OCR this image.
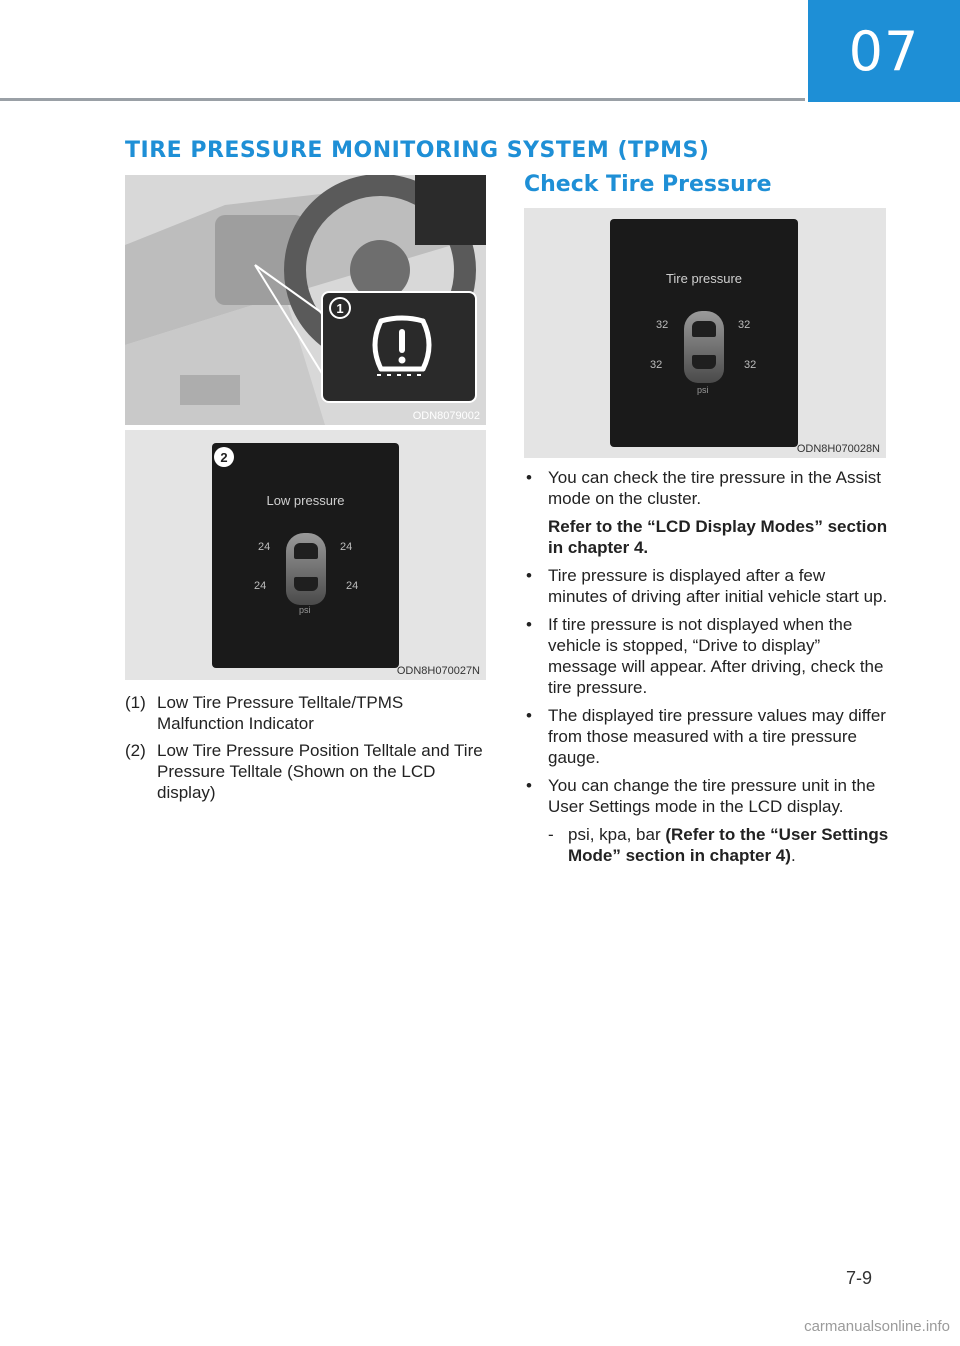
07
TIRE PRESSURE MONITORING SYSTEM (TPMS)
1
ODN8079002
2
Low pressure
24	24
24	24
psi
ODN8H070027N
(1) Low Tire Pressure Telltale/TPMS Malfunction Indicator
(2) Low Tire Pressure Position Telltale and Tire Pressure Telltale (Shown on the LCD display)
Check Tire Pressure
Tire pressure
32	32
32	32
psi
ODN8H070028N
• You can check the tire pressure in the Assist mode on the cluster.
Refer to the “LCD Display Modes” section in chapter 4.
• Tire pressure is displayed after a few minutes of driving after initial vehicle start up.
• If tire pressure is not displayed when the vehicle is stopped, “Drive to display” message will appear. After driving, check the tire pressure.
• The displayed tire pressure values may differ from those measured with a tire pressure gauge.
• You can change the tire pressure unit in the User Settings mode in the LCD display.
- psi, kpa, bar (Refer to the “User Settings Mode” section in chapter 4).
7-9
carmanualsonline.info
